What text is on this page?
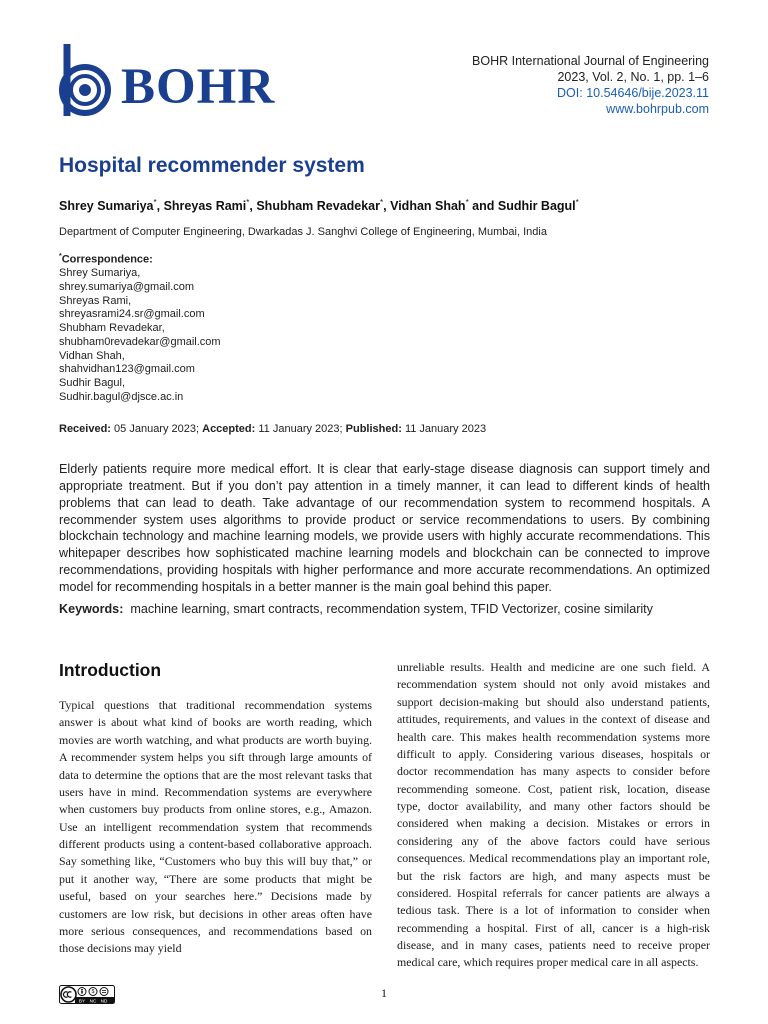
BOHR	BOHR International Journal of Engineering
2023, Vol. 2, No. 1, pp. 1–6
DOI: 10.54646/bije.2023.11
www.bohrpub.com
Hospital recommender system
Shrey Sumariya*, Shreyas Rami*, Shubham Revadekar*, Vidhan Shah* and Sudhir Bagul*
Department of Computer Engineering, Dwarkadas J. Sanghvi College of Engineering, Mumbai, India
*Correspondence:
Shrey Sumariya,
shrey.sumariya@gmail.com
Shreyas Rami,
shreyasrami24.sr@gmail.com
Shubham Revadekar,
shubham0revadekar@gmail.com
Vidhan Shah,
shahvidhan123@gmail.com
Sudhir Bagul,
Sudhir.bagul@djsce.ac.in
Received: 05 January 2023; Accepted: 11 January 2023; Published: 11 January 2023
Elderly patients require more medical effort. It is clear that early-stage disease diagnosis can support timely and appropriate treatment. But if you don’t pay attention in a timely manner, it can lead to different kinds of health problems that can lead to death. Take advantage of our recommendation system to recommend hospitals. A recommender system uses algorithms to provide product or service recommendations to users. By combining blockchain technology and machine learning models, we provide users with highly accurate recommendations. This whitepaper describes how sophisticated machine learning models and blockchain can be connected to improve recommendations, providing hospitals with higher performance and more accurate recommendations. An optimized model for recommending hospitals in a better manner is the main goal behind this paper.
Keywords: machine learning, smart contracts, recommendation system, TFID Vectorizer, cosine similarity
Introduction
Typical questions that traditional recommendation systems answer is about what kind of books are worth reading, which movies are worth watching, and what products are worth buying. A recommender system helps you sift through large amounts of data to determine the options that are the most relevant tasks that users have in mind. Recommendation systems are everywhere when customers buy products from online stores, e.g., Amazon. Use an intelligent recommendation system that recommends different products using a content-based collaborative approach. Say something like, “Customers who buy this will buy that,” or put it another way, “There are some products that might be useful, based on your searches here.” Decisions made by customers are low risk, but decisions in other areas often have more serious consequences, and recommendations based on those decisions may yield
unreliable results. Health and medicine are one such field. A recommendation system should not only avoid mistakes and support decision-making but should also understand patients, attitudes, requirements, and values in the context of disease and health care. This makes health recommendation systems more difficult to apply. Considering various diseases, hospitals or doctor recommendation has many aspects to consider before recommending someone. Cost, patient risk, location, disease type, doctor availability, and many other factors should be considered when making a decision. Mistakes or errors in considering any of the above factors could have serious consequences. Medical recommendations play an important role, but the risk factors are high, and many aspects must be considered. Hospital referrals for cancer patients are always a tedious task. There is a lot of information to consider when recommending a hospital. First of all, cancer is a high-risk disease, and in many cases, patients need to receive proper medical care, which requires proper medical care in all aspects.
$
BY NC ND
1
